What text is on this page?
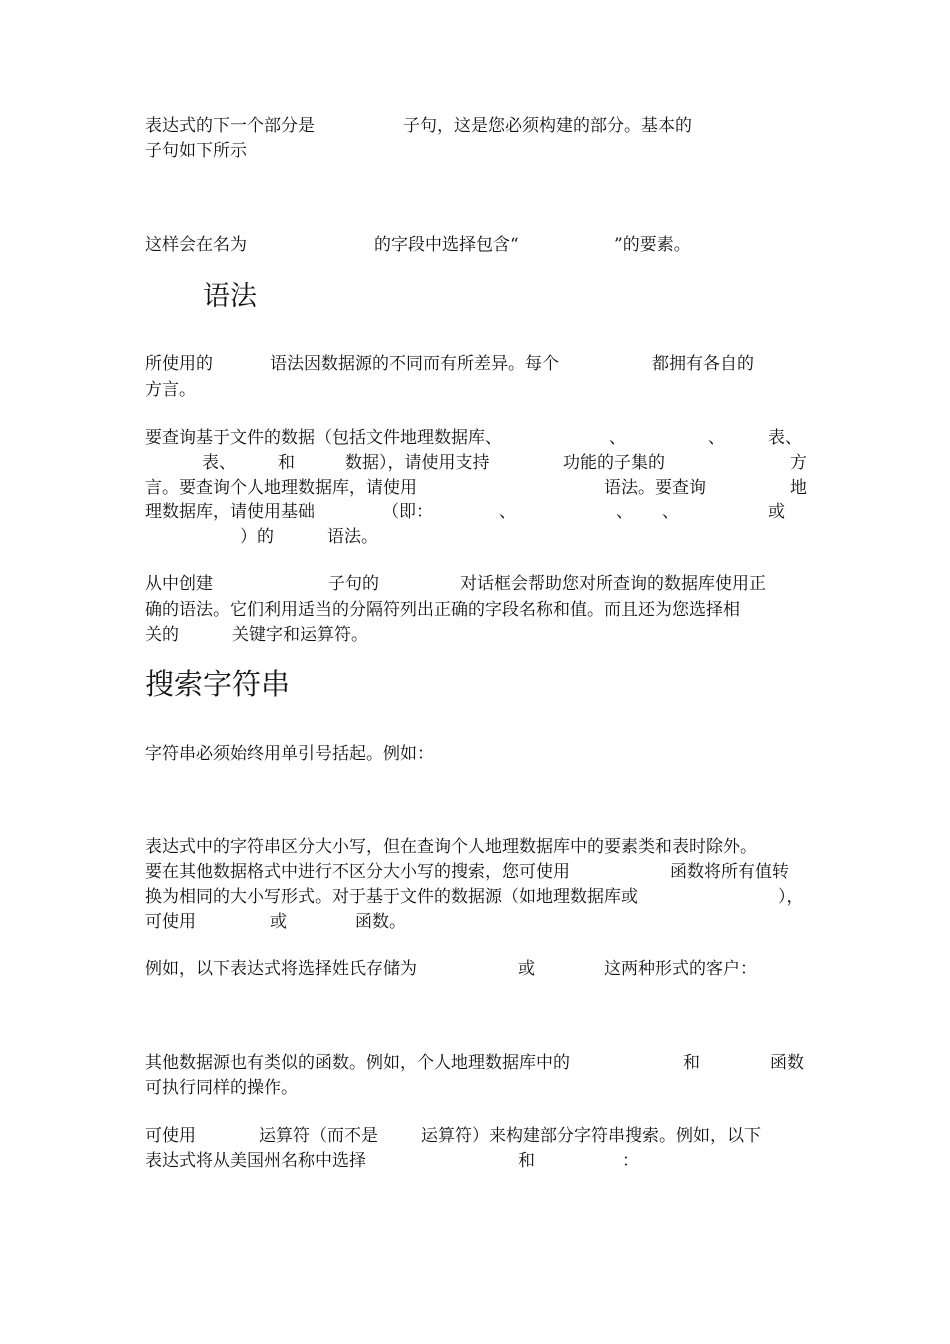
表达式的下一个部分是	子句，这是您必须构建的部分。基本的
子句如下所示
这样会在名为	的字段中选择包含“	”的要素。
语法
所使用的	语法因数据源的不同而有所差异。每个	都拥有各自的
方言。
要查询基于文件的数据（包括文件地理数据库、	、	、	表、
表、 和	数据），请使用支持	功能的子集的	方
言。要查询个人地理数据库，请使用	语法。要查询	地
理数据库，请使用基础	（即：	、	、 、	或
）的	语法。
从中创建	子句的	对话框会帮助您对所查询的数据库使用正
确的语法。它们利用适当的分隔符列出正确的字段名称和值。而且还为您选择相
关的	关键字和运算符。
搜索字符串
字符串必须始终用单引号括起。例如：
表达式中的字符串区分大小写，但在查询个人地理数据库中的要素类和表时除外。
要在其他数据格式中进行不区分大小写的搜索，您可使用	函数将所有值转
换为相同的大小写形式。对于基于文件的数据源（如地理数据库或	），
可使用	或	函数。
例如，以下表达式将选择姓氏存储为	或	这两种形式的客户：
其他数据源也有类似的函数。例如，个人地理数据库中的	和	函数
可执行同样的操作。
可使用	运算符（而不是	运算符）来构建部分字符串搜索。例如，以下
表达式将从美国州名称中选择	和	：
